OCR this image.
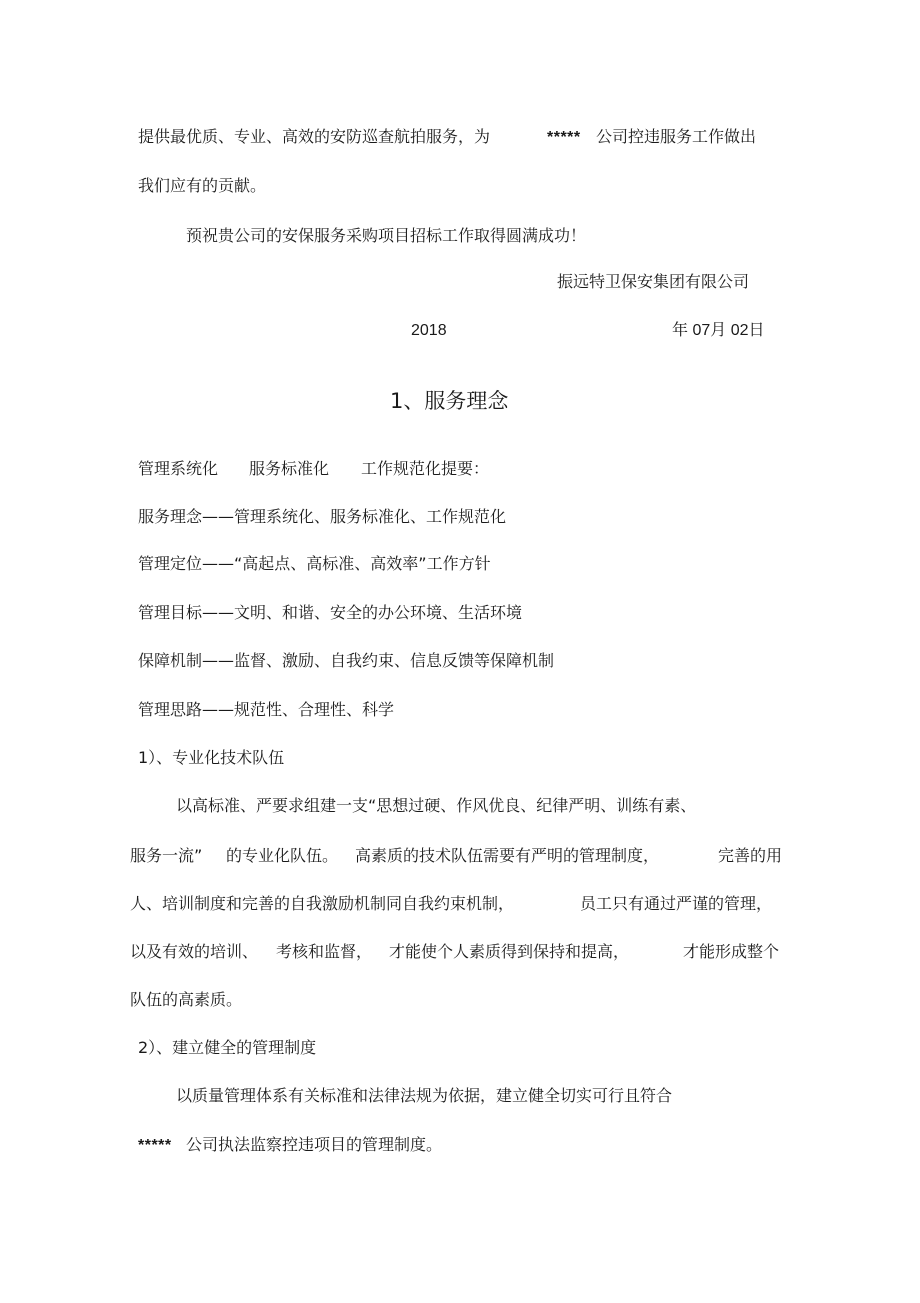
提供最优质、专业、高效的安防巡查航拍服务，为	***** 公司控违服务工作做出

我们应有的贡献。

预祝贵公司的安保服务采购项目招标工作取得圆满成功！

振远特卫保安集团有限公司

2018	年 07月 02日
1、服务理念
管理系统化 服务标准化 工作规范化提要：

服务理念——管理系统化、服务标准化、工作规范化

管理定位——“高起点、高标准、高效率”工作方针

管理目标——文明、和谐、安全的办公环境、生活环境

保障机制——监督、激励、自我约束、信息反馈等保障机制

管理思路——规范性、合理性、科学

1）、专业化技术队伍

以高标准、严要求组建一支“思想过硬、作风优良、纪律严明、训练有素、

服务一流” 的专业化队伍。 高素质的技术队伍需要有严明的管理制度，	完善的用
人、培训制度和完善的自我激励机制同自我约束机制，	员工只有通过严谨的管理，
以及有效的培训、 考核和监督， 才能使个人素质得到保持和提高，	才能形成整个

队伍的高素质。

2）、建立健全的管理制度

以质量管理体系有关标准和法律法规为依据，建立健全切实可行且符合

***** 公司执法监察控违项目的管理制度。
